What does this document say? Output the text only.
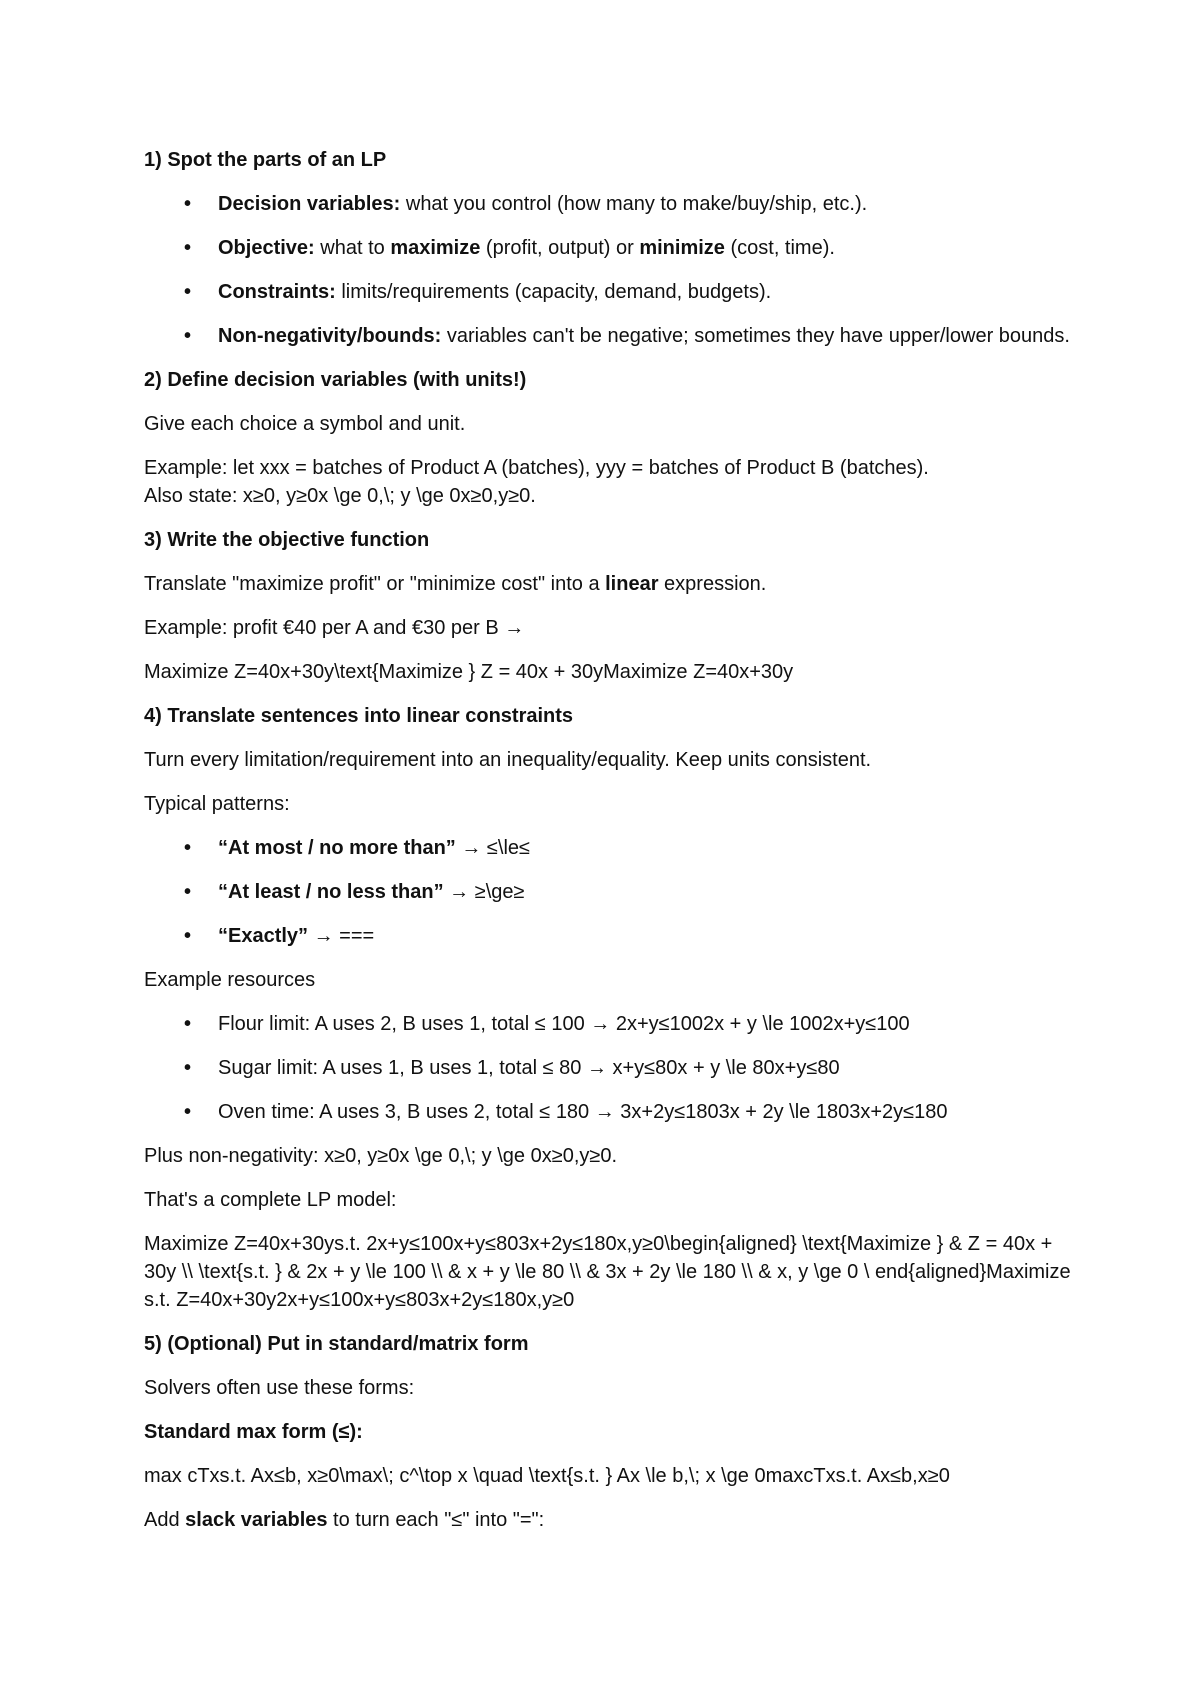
1) Spot the parts of an LP
• Decision variables: what you control (how many to make/buy/ship, etc.).
• Objective: what to maximize (profit, output) or minimize (cost, time).
• Constraints: limits/requirements (capacity, demand, budgets).
• Non-negativity/bounds: variables can't be negative; sometimes they have upper/lower bounds.
2) Define decision variables (with units!)
Give each choice a symbol and unit.
Example: let xxx = batches of Product A (batches), yyy = batches of Product B (batches).
Also state: x≥0, y≥0x \ge 0,\; y \ge 0x≥0,y≥0.
3) Write the objective function
Translate "maximize profit" or "minimize cost" into a linear expression.
Example: profit €40 per A and €30 per B →
Maximize Z=40x+30y\text{Maximize } Z = 40x + 30yMaximize Z=40x+30y
4) Translate sentences into linear constraints
Turn every limitation/requirement into an inequality/equality. Keep units consistent.
Typical patterns:
• “At most / no more than” → ≤\le≤
• “At least / no less than” → ≥\ge≥
• “Exactly” → ===
Example resources
• Flour limit: A uses 2, B uses 1, total ≤ 100 → 2x+y≤1002x + y \le 1002x+y≤100
• Sugar limit: A uses 1, B uses 1, total ≤ 80 → x+y≤80x + y \le 80x+y≤80
• Oven time: A uses 3, B uses 2, total ≤ 180 → 3x+2y≤1803x + 2y \le 1803x+2y≤180
Plus non-negativity: x≥0, y≥0x \ge 0,\; y \ge 0x≥0,y≥0.
That's a complete LP model:
Maximize Z=40x+30ys.t. 2x+y≤100x+y≤803x+2y≤180x,y≥0\begin{aligned} \text{Maximize } & Z = 40x + 30y \\ \text{s.t. } & 2x + y \le 100 \\ & x + y \le 80 \\ & 3x + 2y \le 180 \\ & x, y \ge 0 \ end{aligned}Maximize s.t. Z=40x+30y2x+y≤100x+y≤803x+2y≤180x,y≥0
5) (Optional) Put in standard/matrix form
Solvers often use these forms:
Standard max form (≤):
max cTxs.t. Ax≤b, x≥0\max\; c^\top x \quad \text{s.t. } Ax \le b,\; x \ge 0maxcTxs.t. Ax≤b,x≥0
Add slack variables to turn each "≤" into "=":
